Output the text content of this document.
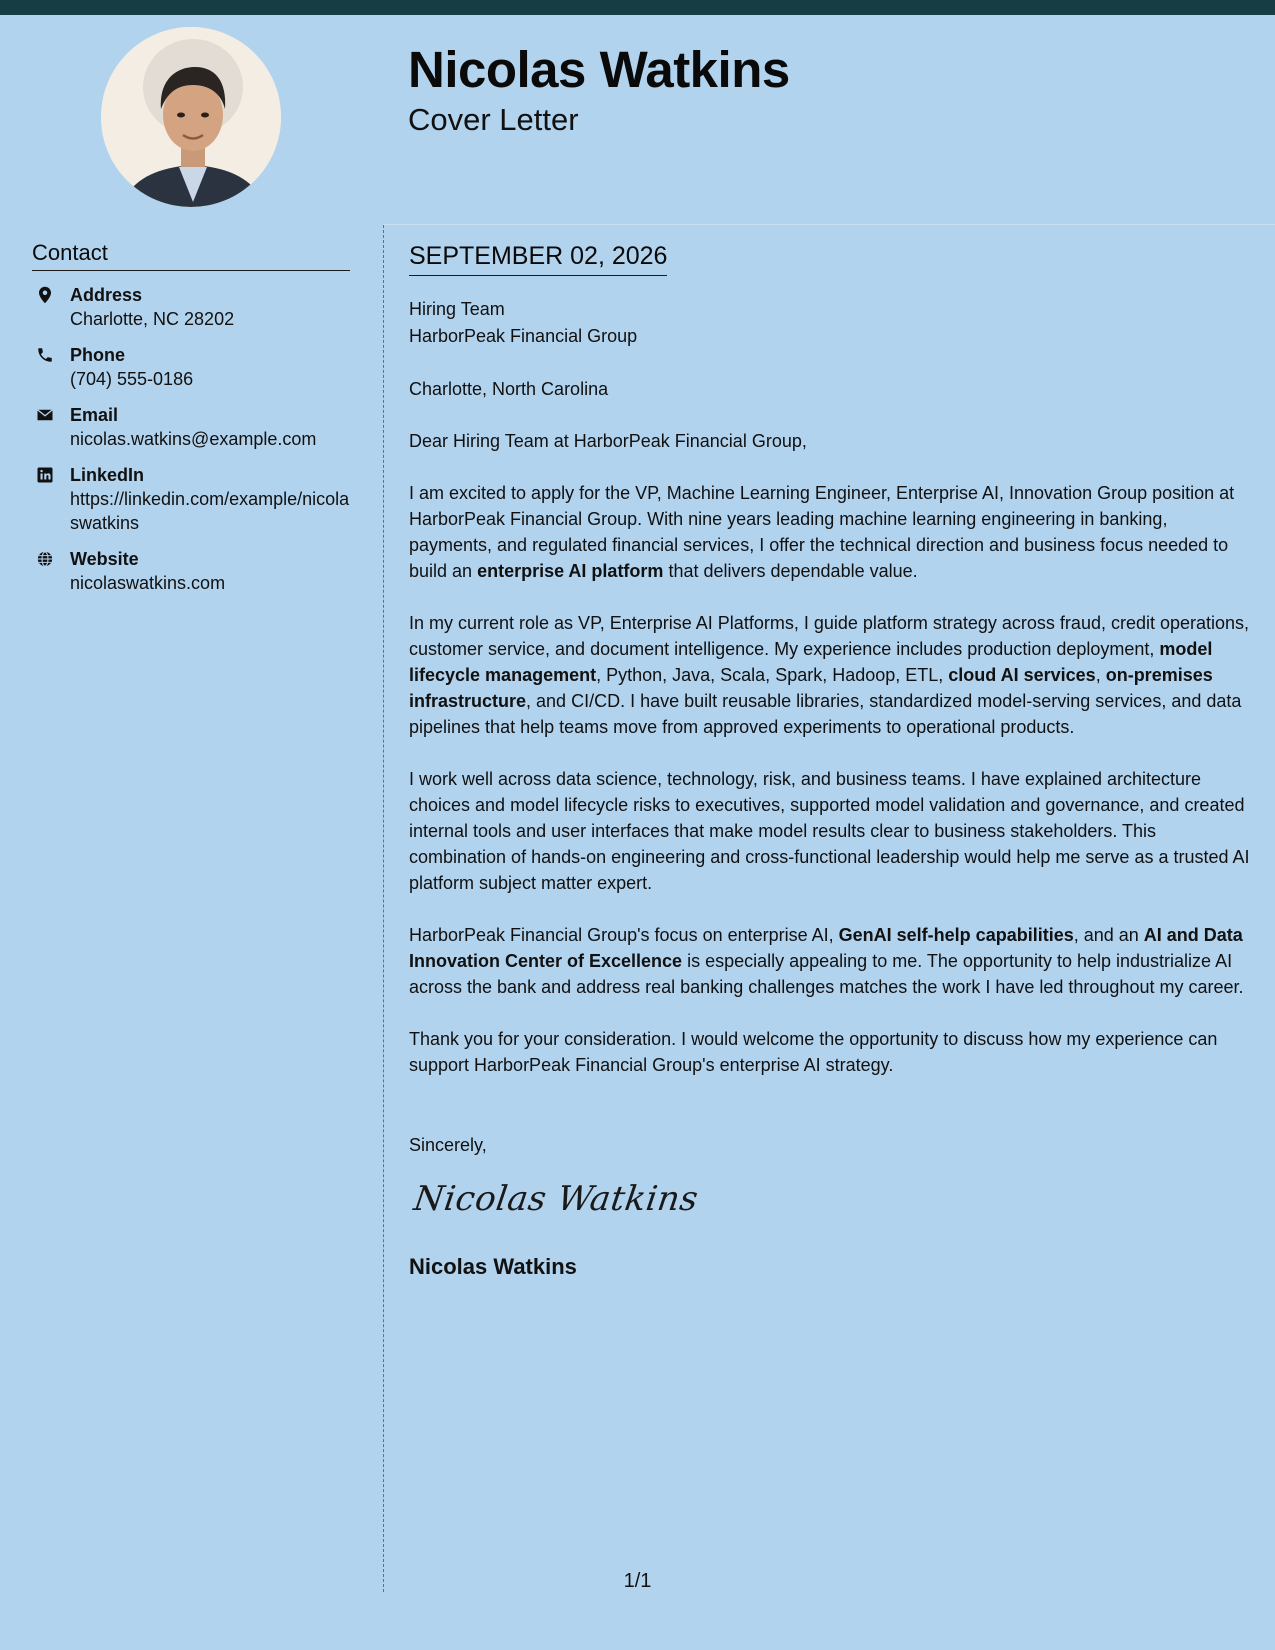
Nicolas Watkins
Cover Letter
Contact
Address
Charlotte, NC 28202
Phone
(704) 555-0186
Email
nicolas.watkins@example.com
LinkedIn
https://linkedin.com/example/nicolaswatkins
Website
nicolaswatkins.com
SEPTEMBER 02, 2026
Hiring Team
HarborPeak Financial Group
Charlotte, North Carolina

Dear Hiring Team at HarborPeak Financial Group,

I am excited to apply for the VP, Machine Learning Engineer, Enterprise AI, Innovation Group position at HarborPeak Financial Group. With nine years leading machine learning engineering in banking, payments, and regulated financial services, I offer the technical direction and business focus needed to build an enterprise AI platform that delivers dependable value.

In my current role as VP, Enterprise AI Platforms, I guide platform strategy across fraud, credit operations, customer service, and document intelligence. My experience includes production deployment, model lifecycle management, Python, Java, Scala, Spark, Hadoop, ETL, cloud AI services, on-premises infrastructure, and CI/CD. I have built reusable libraries, standardized model-serving services, and data pipelines that help teams move from approved experiments to operational products.

I work well across data science, technology, risk, and business teams. I have explained architecture choices and model lifecycle risks to executives, supported model validation and governance, and created internal tools and user interfaces that make model results clear to business stakeholders. This combination of hands-on engineering and cross-functional leadership would help me serve as a trusted AI platform subject matter expert.

HarborPeak Financial Group's focus on enterprise AI, GenAI self-help capabilities, and an AI and Data Innovation Center of Excellence is especially appealing to me. The opportunity to help industrialize AI across the bank and address real banking challenges matches the work I have led throughout my career.

Thank you for your consideration. I would welcome the opportunity to discuss how my experience can support HarborPeak Financial Group's enterprise AI strategy.

Sincerely,
Nicolas Watkins
Nicolas Watkins
1/1
